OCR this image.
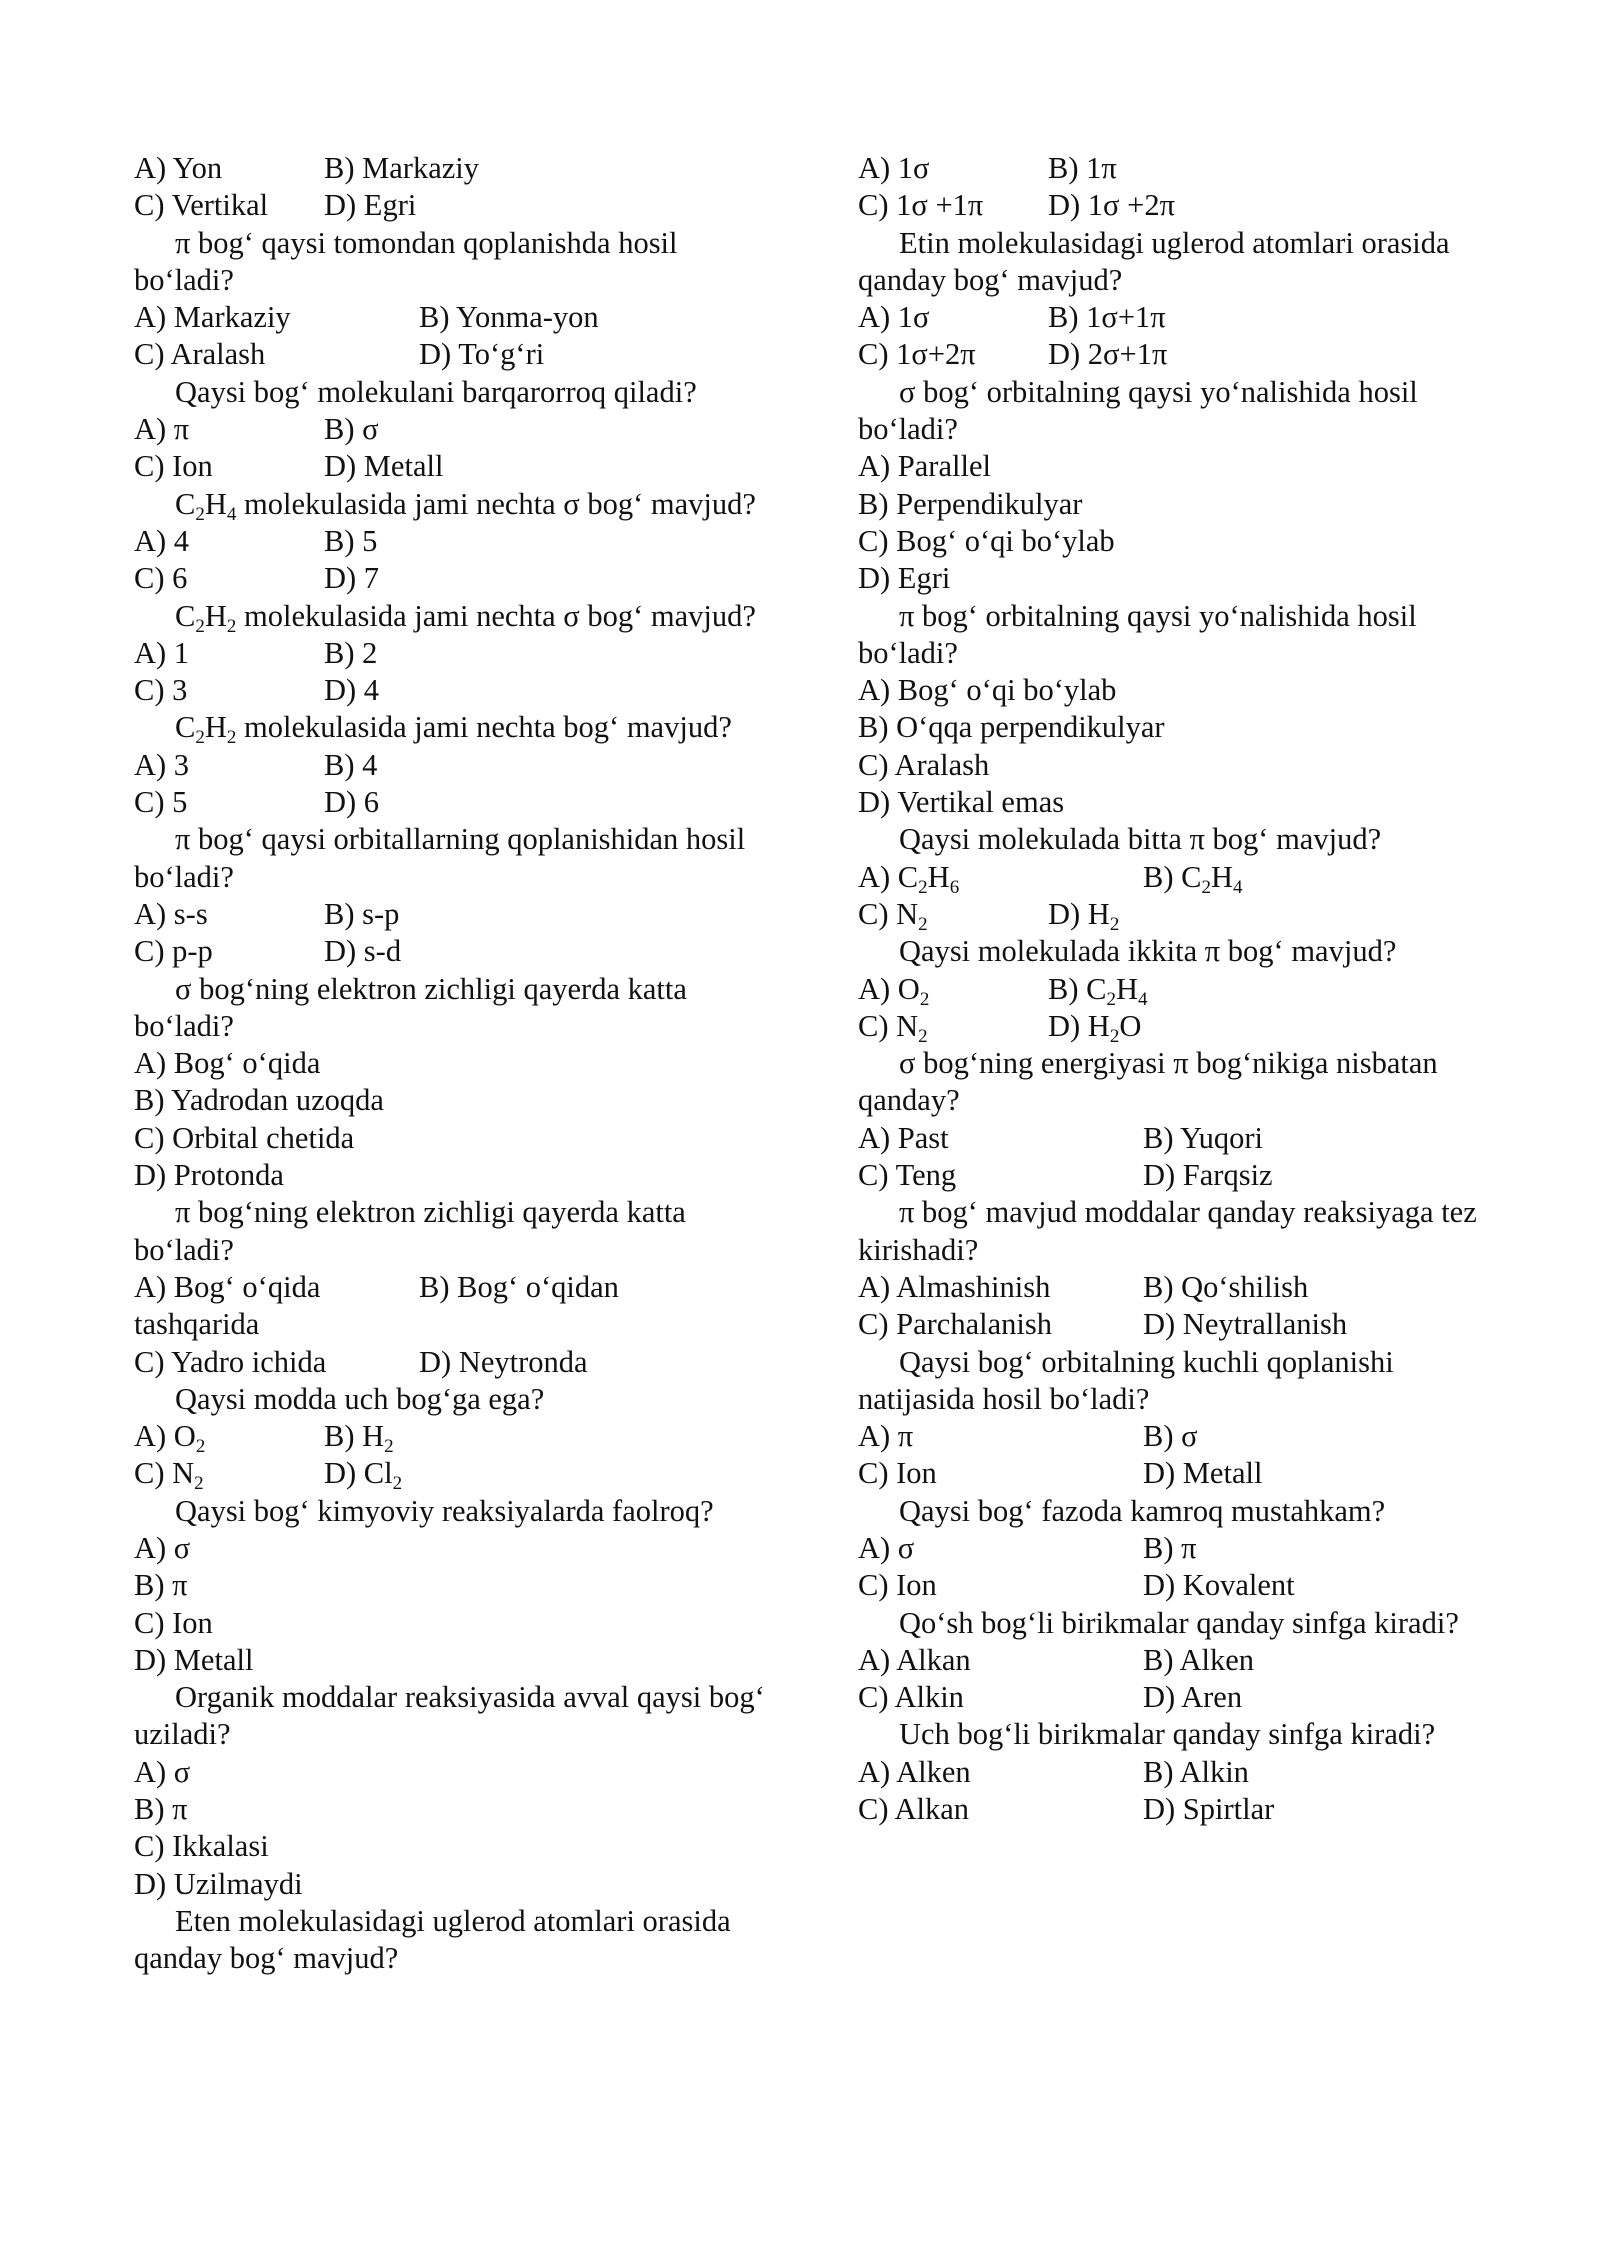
A) Yon	B) Markaziy
C) Vertikal	D) Egri

π bog‘ qaysi tomondan qoplanishda hosil bo‘ladi?

A) Markaziy	B) Yonma-yon
C) Aralash	D) To‘g‘ri

Qaysi bog‘ molekulani barqarorroq qiladi?

A) π	B) σ
C) Ion	D) Metall

$C_2H_4$ molekulasida jami nechta σ bog‘ mavjud?

A) 4	B) 5
C) 6	D) 7

$C_2H_2$ molekulasida jami nechta σ bog‘ mavjud?

A) 1	B) 2
C) 3	D) 4

$C_2H_2$ molekulasida jami nechta bog‘ mavjud?

A) 3	B) 4
C) 5	D) 6

π bog‘ qaysi orbitallarning qoplanishidan hosil bo‘ladi?

A) s-s	B) s-p
C) p-p	D) s-d

σ bog‘ning elektron zichligi qayerda katta bo‘ladi?

A) Bog‘ o‘qida
B) Yadrodan uzoqda
C) Orbital chetida
D) Protonda

π bog‘ning elektron zichligi qayerda katta bo‘ladi?

A) Bog‘ o‘qida	B) Bog‘ o‘qidan
tashqarida
C) Yadro ichida	D) Neytronda

Qaysi modda uch bog‘ga ega?

A) $O_2$	B) $H_2$
C) $N_2$	D) $Cl_2$

Qaysi bog‘ kimyoviy reaksiyalarda faolroq?

A) σ
B) π
C) Ion
D) Metall

Organik moddalar reaksiyasida avval qaysi bog‘ uziladi?

A) σ
B) π
C) Ikkalasi
D) Uzilmaydi

Eten molekulasidagi uglerod atomlari orasida qanday bog‘ mavjud?

A) 1σ	B) 1π
C) 1σ +1π	D) 1σ +2π

Etin molekulasidagi uglerod atomlari orasida qanday bog‘ mavjud?

A) 1σ	B) 1σ+1π
C) 1σ+2π	D) 2σ+1π

σ bog‘ orbitalning qaysi yo‘nalishida hosil bo‘ladi?

A) Parallel
B) Perpendikulyar
C) Bog‘ o‘qi bo‘ylab
D) Egri

π bog‘ orbitalning qaysi yo‘nalishida hosil bo‘ladi?

A) Bog‘ o‘qi bo‘ylab
B) O‘qqa perpendikulyar
C) Aralash
D) Vertikal emas

Qaysi molekulada bitta π bog‘ mavjud?

A) $C_2H_6$	B) $C_2H_4$
C) $N_2$	D) $H_2$

Qaysi molekulada ikkita π bog‘ mavjud?

A) $O_2$	B) $C_2H_4$
C) $N_2$	D) $H_2O$

σ bog‘ning energiyasi π bog‘nikiga nisbatan qanday?

A) Past	B) Yuqori
C) Teng	D) Farqsiz

π bog‘ mavjud moddalar qanday reaksiyaga tez kirishadi?

A) Almashinish	B) Qo‘shilish
C) Parchalanish	D) Neytrallanish

Qaysi bog‘ orbitalning kuchli qoplanishi natijasida hosil bo‘ladi?

A) π	B) σ
C) Ion	D) Metall

Qaysi bog‘ fazoda kamroq mustahkam?

A) σ	B) π
C) Ion	D) Kovalent

Qo‘sh bog‘li birikmalar qanday sinfga kiradi?

A) Alkan	B) Alken
C) Alkin	D) Aren

Uch bog‘li birikmalar qanday sinfga kiradi?

A) Alken	B) Alkin
C) Alkan	D) Spirtlar
